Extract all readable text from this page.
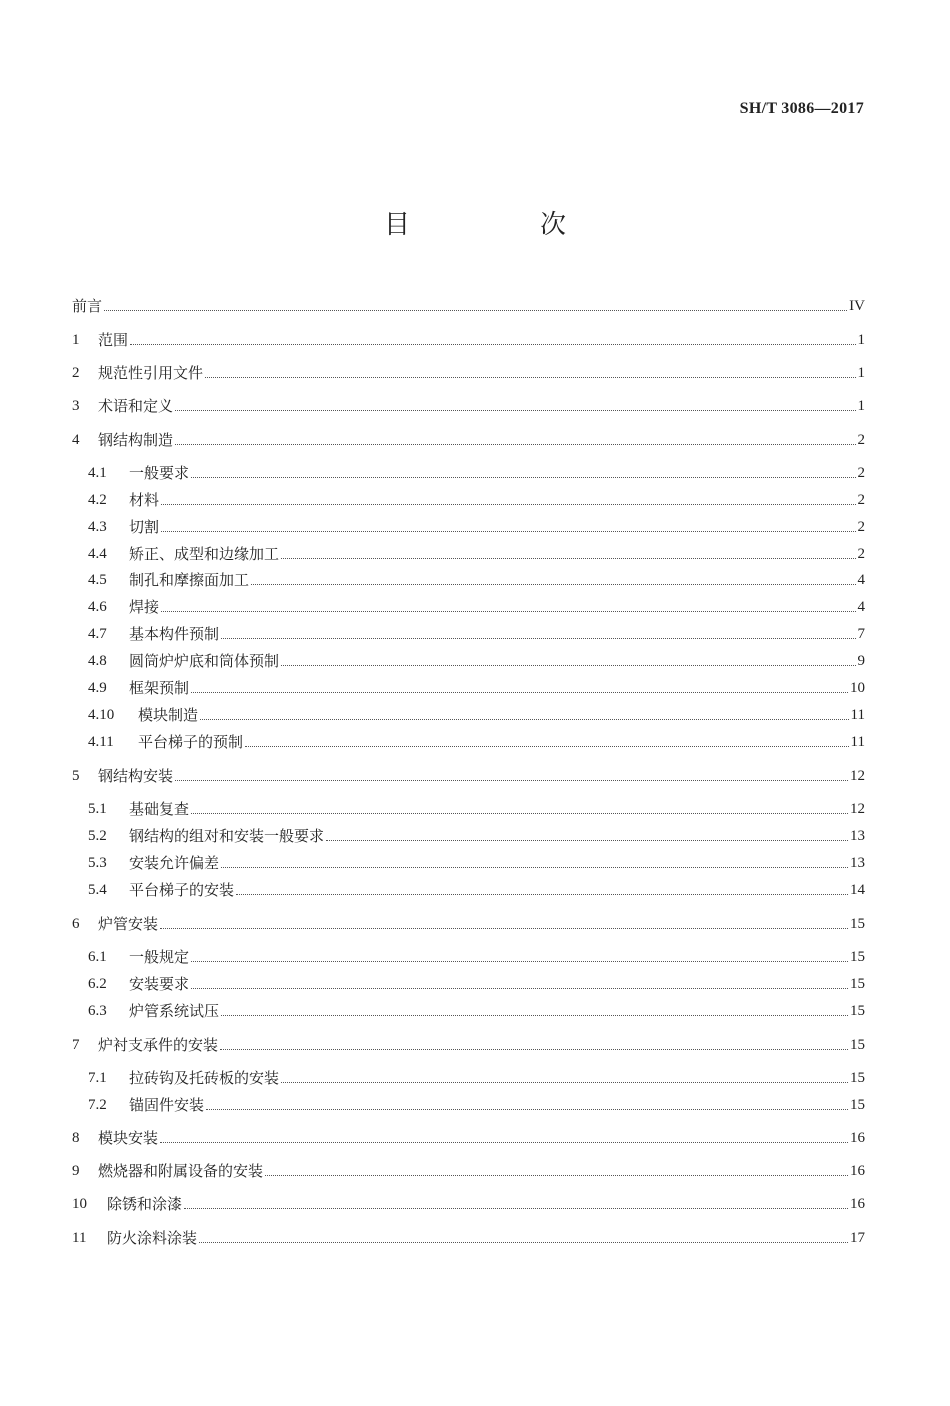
SH/T 3086—2017
目　次
前言	IV
1	范围	1
2	规范性引用文件	1
3	术语和定义	1
4	钢结构制造	2
4.1	一般要求	2
4.2	材料	2
4.3	切割	2
4.4	矫正、成型和边缘加工	2
4.5	制孔和摩擦面加工	4
4.6	焊接	4
4.7	基本构件预制	7
4.8	圆筒炉炉底和筒体预制	9
4.9	框架预制	10
4.10	模块制造	11
4.11	平台梯子的预制	11
5	钢结构安装	12
5.1	基础复查	12
5.2	钢结构的组对和安装一般要求	13
5.3	安装允许偏差	13
5.4	平台梯子的安装	14
6	炉管安装	15
6.1	一般规定	15
6.2	安装要求	15
6.3	炉管系统试压	15
7	炉衬支承件的安装	15
7.1	拉砖钩及托砖板的安装	15
7.2	锚固件安装	15
8	模块安装	16
9	燃烧器和附属设备的安装	16
10	除锈和涂漆	16
11	防火涂料涂装	17
